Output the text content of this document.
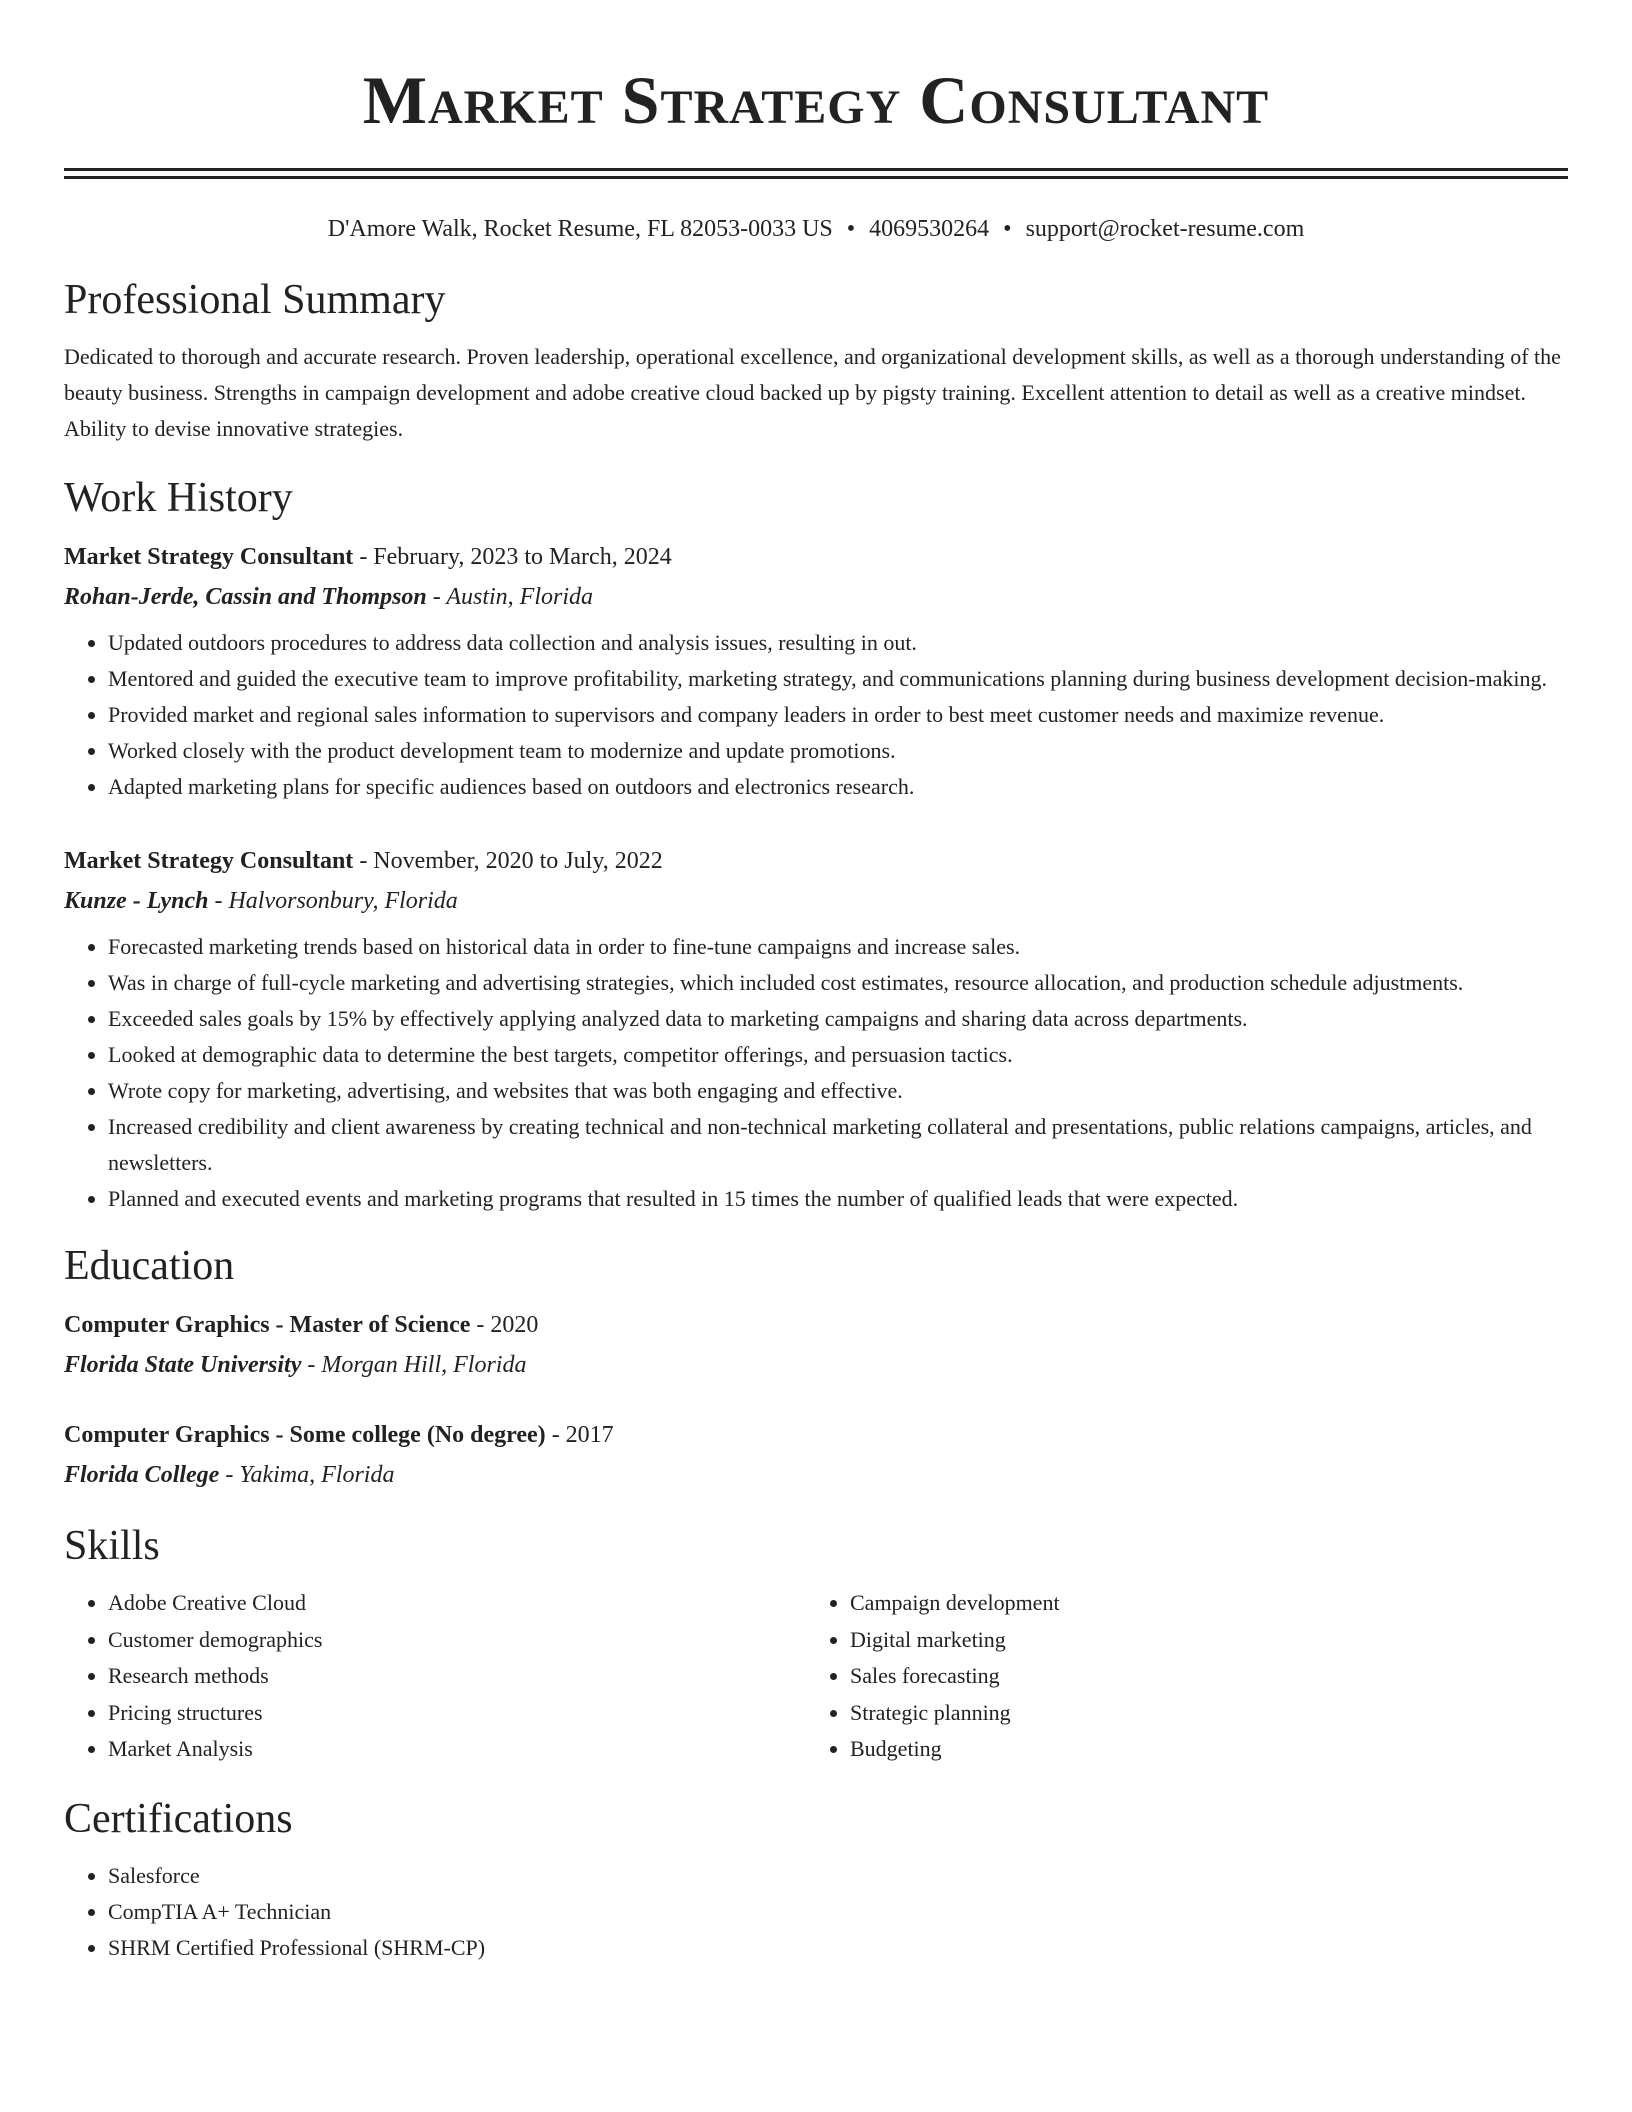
Market Strategy Consultant
D'Amore Walk, Rocket Resume, FL 82053-0033 US • 4069530264 • support@rocket-resume.com
Professional Summary
Dedicated to thorough and accurate research. Proven leadership, operational excellence, and organizational development skills, as well as a thorough understanding of the beauty business. Strengths in campaign development and adobe creative cloud backed up by pigsty training. Excellent attention to detail as well as a creative mindset. Ability to devise innovative strategies.
Work History
Market Strategy Consultant - February, 2023 to March, 2024
Rohan-Jerde, Cassin and Thompson - Austin, Florida
• Updated outdoors procedures to address data collection and analysis issues, resulting in out.
• Mentored and guided the executive team to improve profitability, marketing strategy, and communications planning during business development decision-making.
• Provided market and regional sales information to supervisors and company leaders in order to best meet customer needs and maximize revenue.
• Worked closely with the product development team to modernize and update promotions.
• Adapted marketing plans for specific audiences based on outdoors and electronics research.
Market Strategy Consultant - November, 2020 to July, 2022
Kunze - Lynch - Halvorsonbury, Florida
• Forecasted marketing trends based on historical data in order to fine-tune campaigns and increase sales.
• Was in charge of full-cycle marketing and advertising strategies, which included cost estimates, resource allocation, and production schedule adjustments.
• Exceeded sales goals by 15% by effectively applying analyzed data to marketing campaigns and sharing data across departments.
• Looked at demographic data to determine the best targets, competitor offerings, and persuasion tactics.
• Wrote copy for marketing, advertising, and websites that was both engaging and effective.
• Increased credibility and client awareness by creating technical and non-technical marketing collateral and presentations, public relations campaigns, articles, and newsletters.
• Planned and executed events and marketing programs that resulted in 15 times the number of qualified leads that were expected.
Education
Computer Graphics - Master of Science - 2020
Florida State University - Morgan Hill, Florida
Computer Graphics - Some college (No degree) - 2017
Florida College - Yakima, Florida
Skills
• Adobe Creative Cloud
• Customer demographics
• Research methods
• Pricing structures
• Market Analysis
• Campaign development
• Digital marketing
• Sales forecasting
• Strategic planning
• Budgeting
Certifications
• Salesforce
• CompTIA A+ Technician
• SHRM Certified Professional (SHRM-CP)
